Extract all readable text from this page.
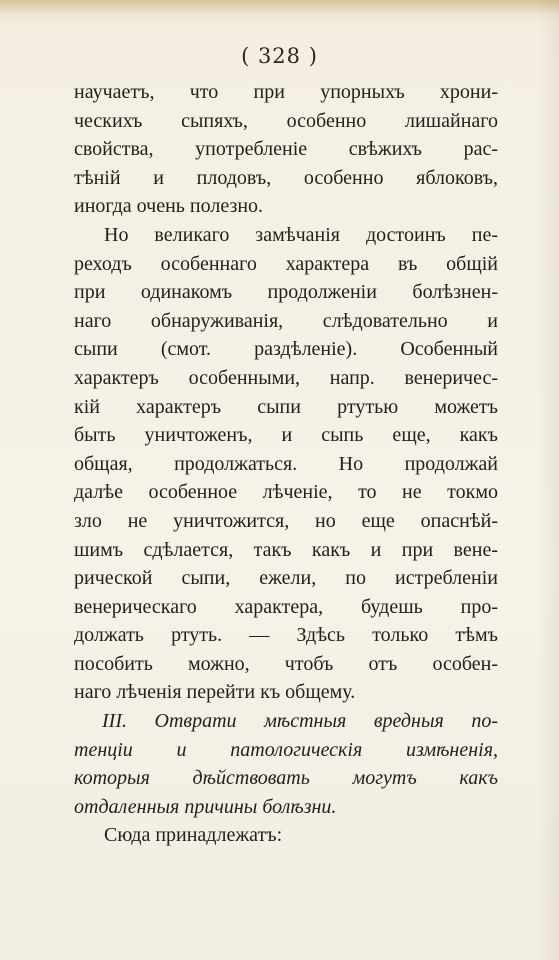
( 328 )
научаетъ, что при упорныхъ хрони-
ческихъ сыпяхъ, особенно лишайнаго
свойства, употребленіе свѣжихъ рас-
тѣній и плодовъ, особенно яблоковъ,
иногда очень полезно.
Но великаго замѣчанія достоинъ пе-
реходъ особеннаго характера въ общій
при одинакомъ продолженіи болѣзнен-
наго обнаруживанія, слѣдовательно и
сыпи (смот. раздѣленіе). Особенный
характеръ особенными, напр. венеричес-
кій характеръ сыпи ртутью можетъ
быть уничтоженъ, и сыпь еще, какъ
общая, продолжаться. Но продолжай
далѣе особенное лѣченіе, то не токмо
зло не уничтожится, но еще опаснѣй-
шимъ сдѣлается, такъ какъ и при вене-
рической сыпи, ежели, по истребленіи
венерическаго характера, будешь про-
должать ртуть. — Здѣсь только тѣмъ
пособить можно, чтобъ отъ особен-
наго лѣченія перейти къ общему.
III. Отврати мѣстныя вредныя по-
тенціи и патологическія измѣненія,
которыя дѣйствовать могутъ какъ
отдаленныя причины болѣзни.
Сюда принадлежатъ:
